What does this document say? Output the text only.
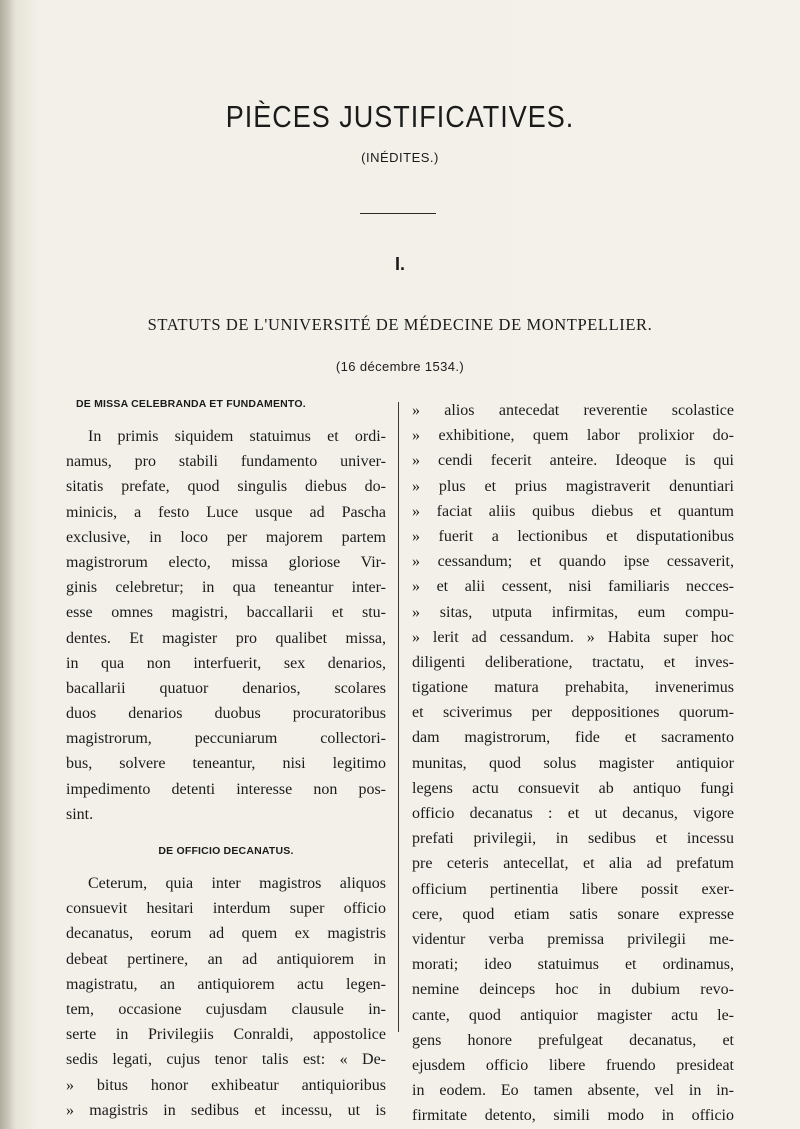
PIÈCES JUSTIFICATIVES.
(INÉDITES.)
I.
STATUTS DE L'UNIVERSITÉ DE MÉDECINE DE MONTPELLIER.
(16 décembre 1534.)
DE MISSA CELEBRANDA ET FUNDAMENTO.
In primis siquidem statuimus et ordi-
namus, pro stabili fundamento univer-
sitatis prefate, quod singulis diebus do-
minicis, a festo Luce usque ad Pascha
exclusive, in loco per majorem partem
magistrorum electo, missa gloriose Vir-
ginis celebretur; in qua teneantur inter-
esse omnes magistri, baccallarii et stu-
dentes. Et magister pro qualibet missa,
in qua non interfuerit, sex denarios,
bacallarii quatuor denarios, scolares
duos denarios duobus procuratoribus
magistrorum, peccuniarum collectori-
bus, solvere teneantur, nisi legitimo
impedimento detenti interesse non pos-
sint.
DE OFFICIO DECANATUS.
Ceterum, quia inter magistros aliquos
consuevit hesitari interdum super officio
decanatus, eorum ad quem ex magistris
debeat pertinere, an ad antiquiorem in
magistratu, an antiquiorem actu legen-
tem, occasione cujusdam clausule in-
serte in Privilegiis Conraldi, appostolice
sedis legati, cujus tenor talis est: « De-
» bitus honor exhibeatur antiquioribus
» magistris in sedibus et incessu, ut is
» alios antecedat reverentie scolastice
» exhibitione, quem labor prolixior do-
» cendi fecerit anteire. Ideoque is qui
» plus et prius magistraverit denuntiari
» faciat aliis quibus diebus et quantum
» fuerit a lectionibus et disputationibus
» cessandum; et quando ipse cessaverit,
» et alii cessent, nisi familiaris necces-
» sitas, utputa infirmitas, eum compu-
» lerit ad cessandum. » Habita super hoc
diligenti deliberatione, tractatu, et inves-
tigatione matura prehabita, invenerimus
et sciverimus per deppositiones quorum-
dam magistrorum, fide et sacramento
munitas, quod solus magister antiquior
legens actu consuevit ab antiquo fungi
officio decanatus : et ut decanus, vigore
prefati privilegii, in sedibus et incessu
pre ceteris antecellat, et alia ad prefatum
officium pertinentia libere possit exer-
cere, quod etiam satis sonare expresse
videntur verba premissa privilegii me-
morati; ideo statuimus et ordinamus,
nemine deinceps hoc in dubium revo-
cante, quod antiquior magister actu le-
gens honore prefulgeat decanatus, et
ejusdem officio libere fruendo presideat
in eodem. Eo tamen absente, vel in in-
firmitate detento, simili modo in officio
